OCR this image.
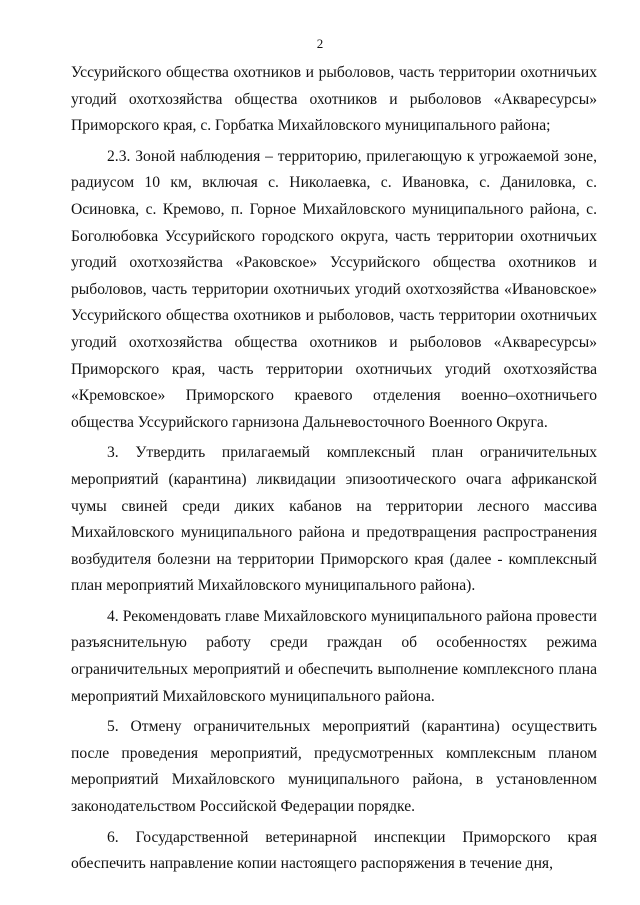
2

Уссурийского общества охотников и рыболовов, часть территории охотничьих угодий охотхозяйства общества охотников и рыболовов «Акваресурсы» Приморского края, с. Горбатка Михайловского муниципального района;

2.3. Зоной наблюдения – территорию, прилегающую к угрожаемой зоне, радиусом 10 км, включая с. Николаевка, с. Ивановка, с. Даниловка, с. Осиновка, с. Кремово, п. Горное Михайловского муниципального района, с. Боголюбовка Уссурийского городского округа, часть территории охотничьих угодий охотхозяйства «Раковское» Уссурийского общества охотников и рыболовов, часть территории охотничьих угодий охотхозяйства «Ивановское» Уссурийского общества охотников и рыболовов, часть территории охотничьих угодий охотхозяйства общества охотников и рыболовов «Акваресурсы» Приморского края, часть территории охотничьих угодий охотхозяйства «Кремовское» Приморского краевого отделения военно–охотничьего общества Уссурийского гарнизона Дальневосточного Военного Округа.

3. Утвердить прилагаемый комплексный план ограничительных мероприятий (карантина) ликвидации эпизоотического очага африканской чумы свиней среди диких кабанов на территории лесного массива Михайловского муниципального района и предотвращения распространения возбудителя болезни на территории Приморского края (далее - комплексный план мероприятий Михайловского муниципального района).

4. Рекомендовать главе Михайловского муниципального района провести разъяснительную работу среди граждан об особенностях режима ограничительных мероприятий и обеспечить выполнение комплексного плана мероприятий Михайловского муниципального района.

5. Отмену ограничительных мероприятий (карантина) осуществить после проведения мероприятий, предусмотренных комплексным планом мероприятий Михайловского муниципального района, в установленном законодательством Российской Федерации порядке.

6. Государственной ветеринарной инспекции Приморского края обеспечить направление копии настоящего распоряжения в течение дня,
